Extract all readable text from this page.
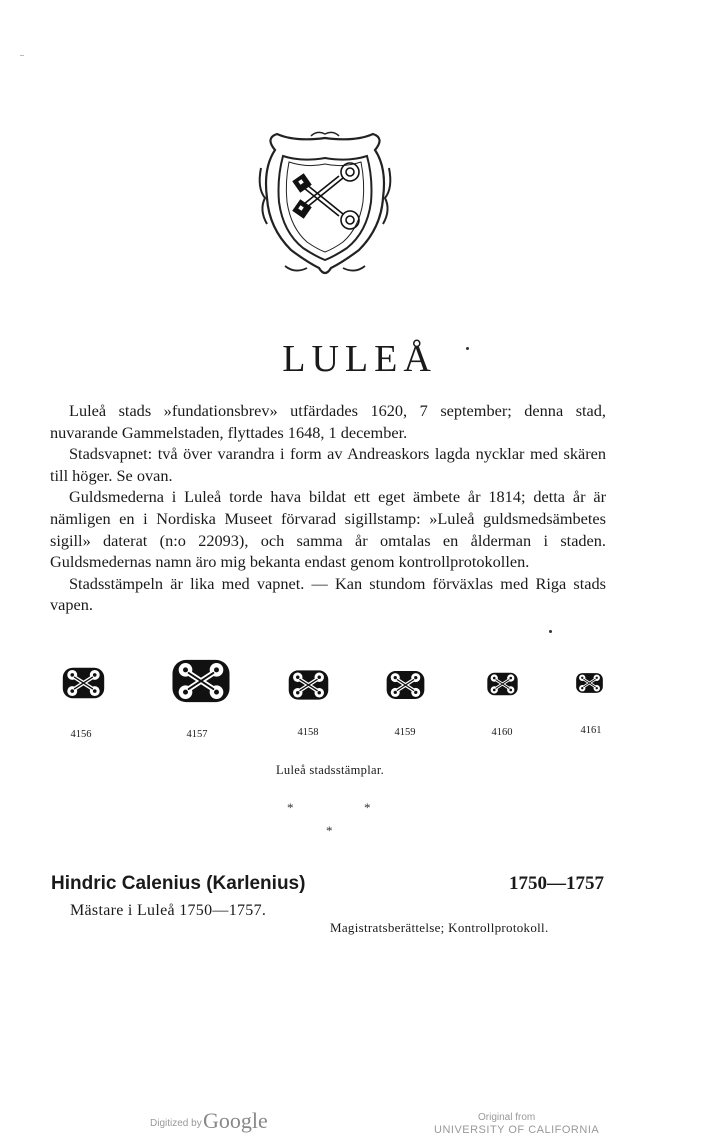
LULEÅ

Luleå stads »fundationsbrev» utfärdades 1620, 7 september; denna stad, nuvarande Gammelstaden, flyttades 1648, 1 december.

Stadsvapnet: två över varandra i form av Andreaskors lagda nycklar med skären till höger. Se ovan.

Guldsmederna i Luleå torde hava bildat ett eget ämbete år 1814; detta år är nämligen en i Nordiska Museet förvarad sigillstamp: »Luleå guldsmedsämbetes sigill» daterat (n:o 22093), och samma år omtalas en ålderman i staden. Guldsmedernas namn äro mig bekanta endast genom kontrollprotokollen.

Stadsstämpeln är lika med vapnet. — Kan stundom förväxlas med Riga stads vapen.

4156	4157	4158	4159	4160	4161
Luleå stadsstämplar.
*	*
*
Hindric Calenius (Karlenius)	1750—1757
Mästare i Luleå 1750—1757.
Magistratsberättelse; Kontrollprotokoll.
Digitized by Google	Original from
UNIVERSITY OF CALIFORNIA
